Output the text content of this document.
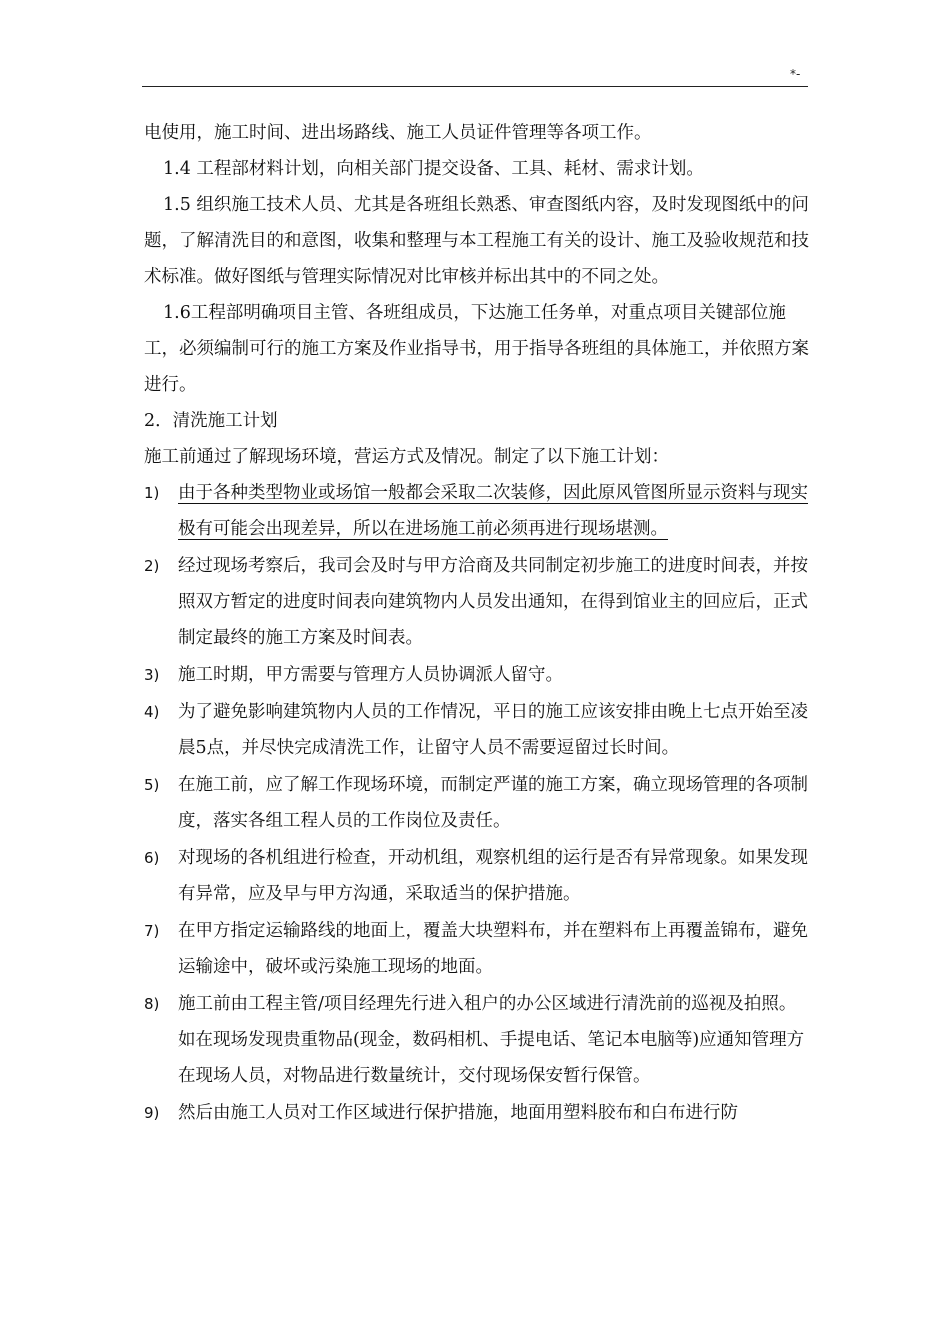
*-

电使用，施工时间、进出场路线、施工人员证件管理等各项工作。

1.4 工程部材料计划，向相关部门提交设备、工具、耗材、需求计划。

1.5 组织施工技术人员、尤其是各班组长熟悉、审查图纸内容，及时发现图纸中的问题，了解清洗目的和意图，收集和整理与本工程施工有关的设计、施工及验收规范和技术标准。做好图纸与管理实际情况对比审核并标出其中的不同之处。

1.6工程部明确项目主管、各班组成员，下达施工任务单，对重点项目关键部位施工，必须编制可行的施工方案及作业指导书，用于指导各班组的具体施工，并依照方案进行。

2．清洗施工计划

施工前通过了解现场环境，营运方式及情况。制定了以下施工计划：

1) 由于各种类型物业或场馆一般都会采取二次装修，因此原风管图所显示资料与现实极有可能会出现差异，所以在进场施工前必须再进行现场堪测。
2) 经过现场考察后，我司会及时与甲方洽商及共同制定初步施工的进度时间表，并按照双方暂定的进度时间表向建筑物内人员发出通知，在得到馆业主的回应后，正式制定最终的施工方案及时间表。
3) 施工时期，甲方需要与管理方人员协调派人留守。
4) 为了避免影响建筑物内人员的工作情况，平日的施工应该安排由晚上七点开始至凌晨5点，并尽快完成清洗工作，让留守人员不需要逗留过长时间。
5) 在施工前，应了解工作现场环境，而制定严谨的施工方案，确立现场管理的各项制度，落实各组工程人员的工作岗位及责任。
6) 对现场的各机组进行检查，开动机组，观察机组的运行是否有异常现象。如果发现有异常，应及早与甲方沟通，采取适当的保护措施。
7) 在甲方指定运输路线的地面上，覆盖大块塑料布，并在塑料布上再覆盖锦布，避免运输途中，破坏或污染施工现场的地面。
8) 施工前由工程主管/项目经理先行进入租户的办公区域进行清洗前的巡视及拍照。如在现场发现贵重物品(现金，数码相机、手提电话、笔记本电脑等)应通知管理方在现场人员，对物品进行数量统计，交付现场保安暂行保管。
9) 然后由施工人员对工作区域进行保护措施，地面用塑料胶布和白布进行防
